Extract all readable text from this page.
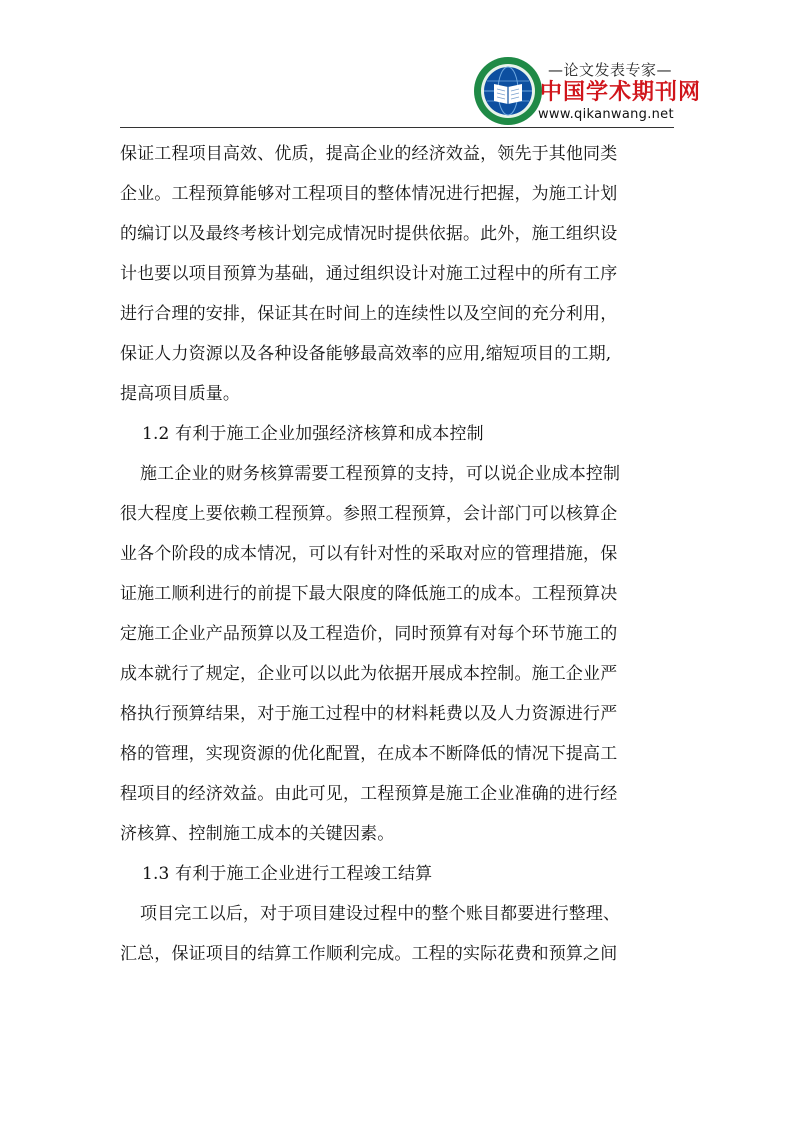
—论文发表专家—
中国学术期刊网
www.qikanwang.net
保证工程项目高效、优质，提高企业的经济效益，领先于其他同类
企业。工程预算能够对工程项目的整体情况进行把握，为施工计划
的编订以及最终考核计划完成情况时提供依据。此外，施工组织设
计也要以项目预算为基础，通过组织设计对施工过程中的所有工序
进行合理的安排，保证其在时间上的连续性以及空间的充分利用，
保证人力资源以及各种设备能够最高效率的应用,缩短项目的工期,
提高项目质量。
1.2 有利于施工企业加强经济核算和成本控制
施工企业的财务核算需要工程预算的支持，可以说企业成本控制
很大程度上要依赖工程预算。参照工程预算，会计部门可以核算企
业各个阶段的成本情况，可以有针对性的采取对应的管理措施，保
证施工顺利进行的前提下最大限度的降低施工的成本。工程预算决
定施工企业产品预算以及工程造价，同时预算有对每个环节施工的
成本就行了规定，企业可以以此为依据开展成本控制。施工企业严
格执行预算结果，对于施工过程中的材料耗费以及人力资源进行严
格的管理，实现资源的优化配置，在成本不断降低的情况下提高工
程项目的经济效益。由此可见，工程预算是施工企业准确的进行经
济核算、控制施工成本的关键因素。
1.3 有利于施工企业进行工程竣工结算
项目完工以后，对于项目建设过程中的整个账目都要进行整理、
汇总，保证项目的结算工作顺利完成。工程的实际花费和预算之间
